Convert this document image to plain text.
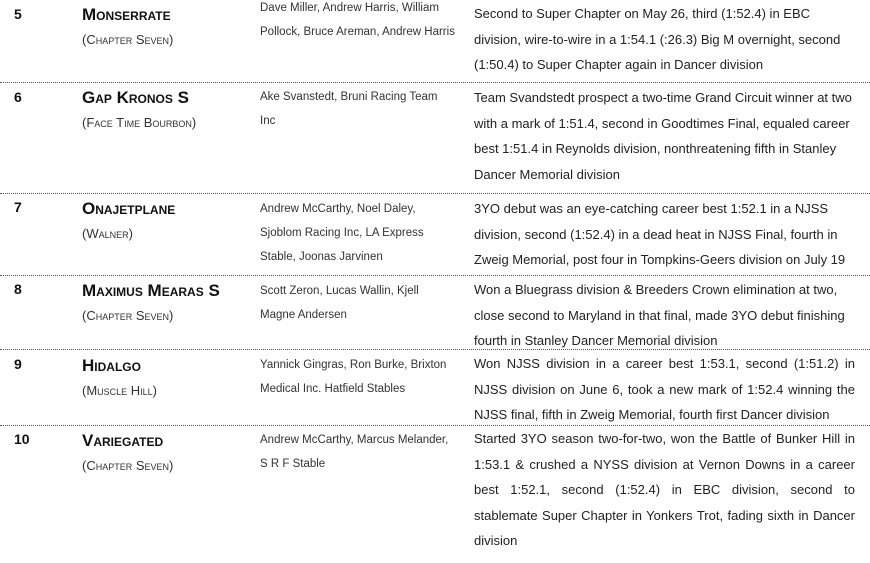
5	Monserrate
(Chapter Seven)
Dave Miller, Andrew Harris, William Pollock, Bruce Areman, Andrew Harris
Second to Super Chapter on May 26, third (1:52.4) in EBC division, wire-to-wire in a 1:54.1 (:26.3) Big M overnight, second (1:50.4) to Super Chapter again in Dancer division
6	Gap Kronos S
(Face Time Bourbon)
Ake Svanstedt, Bruni Racing Team Inc
Team Svandstedt prospect a two-time Grand Circuit winner at two with a mark of 1:51.4, second in Goodtimes Final, equaled career best 1:51.4 in Reynolds division, nonthreatening fifth in Stanley Dancer Memorial division
7	Onajetplane
(Walner)
Andrew McCarthy, Noel Daley, Sjoblom Racing Inc, LA Express Stable, Joonas Jarvinen
3YO debut was an eye-catching career best 1:52.1 in a NJSS division, second (1:52.4) in a dead heat in NJSS Final, fourth in Zweig Memorial, post four in Tompkins-Geers division on July 19
8	Maximus Mearas S
(Chapter Seven)
Scott Zeron, Lucas Wallin, Kjell Magne Andersen
Won a Bluegrass division & Breeders Crown elimination at two, close second to Maryland in that final, made 3YO debut finishing fourth in Stanley Dancer Memorial division
9	Hidalgo
(Muscle Hill)
Yannick Gingras, Ron Burke, Brixton Medical Inc. Hatfield Stables
Won NJSS division in a career best 1:53.1, second (1:51.2) in NJSS division on June 6, took a new mark of 1:52.4 winning the NJSS final, fifth in Zweig Memorial, fourth first Dancer division
10	Variegated
(Chapter Seven)
Andrew McCarthy, Marcus Melander, S R F Stable
Started 3YO season two-for-two, won the Battle of Bunker Hill in 1:53.1 & crushed a NYSS division at Vernon Downs in a career best 1:52.1, second (1:52.4) in EBC division, second to stablemate Super Chapter in Yonkers Trot, fading sixth in Dancer division
